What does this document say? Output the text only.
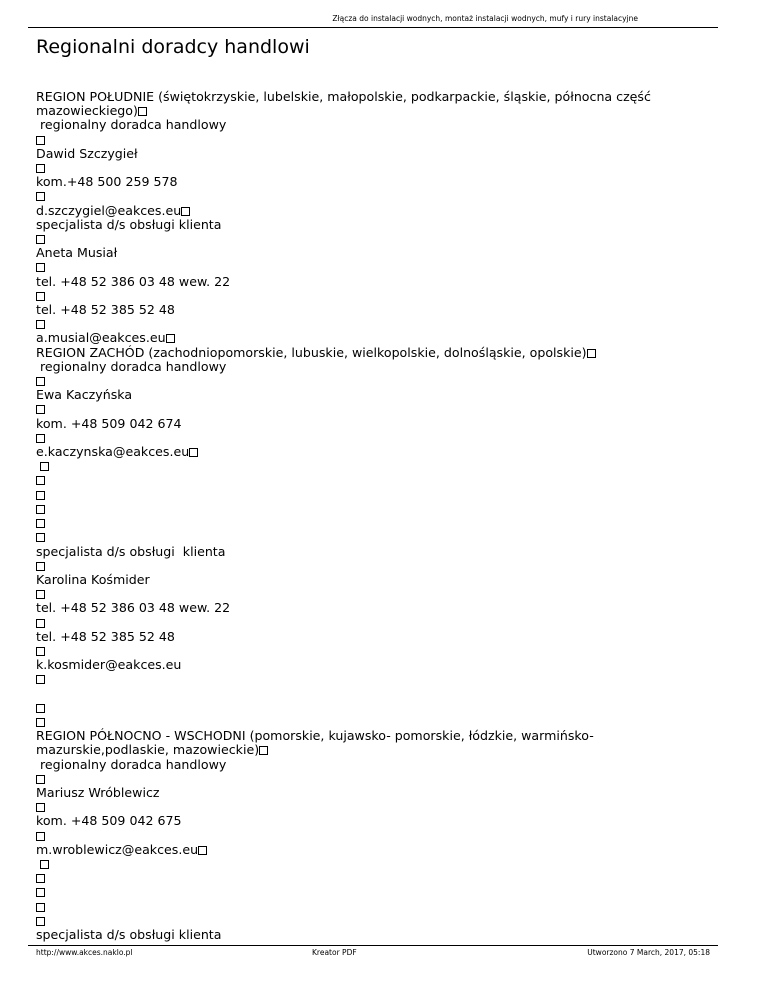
Złącza do instalacji wodnych, montaż instalacji wodnych, mufy i rury instalacyjne
Regionalni doradcy handlowi
REGION POŁUDNIE (świętokrzyskie, lubelskie, małopolskie, podkarpackie, śląskie, północna część
mazowieckiego)
regionalny doradca handlowy
Dawid Szczygieł
kom.+48 500 259 578
d.szczygiel@eakces.eu
specjalista d/s obsługi klienta
Aneta Musiał
tel. +48 52 386 03 48 wew. 22
tel. +48 52 385 52 48
a.musial@eakces.eu
REGION ZACHÓD (zachodniopomorskie, lubuskie, wielkopolskie, dolnośląskie, opolskie)
regionalny doradca handlowy
Ewa Kaczyńska
kom. +48 509 042 674
e.kaczynska@eakces.eu

specjalista d/s obsługi  klienta
Karolina Kośmider
tel. +48 52 386 03 48 wew. 22
tel. +48 52 385 52 48
k.kosmider@eakces.eu
REGION PÓŁNOCNO - WSCHODNI (pomorskie, kujawsko- pomorskie, łódzkie, warmińsko-
mazurskie,podlaskie, mazowieckie)
regionalny doradca handlowy
Mariusz Wróblewicz
kom. +48 509 042 675
m.wroblewicz@eakces.eu

specjalista d/s obsługi klienta
http://www.akces.naklo.pl	Kreator PDF	Utworzono 7 March, 2017, 05:18
